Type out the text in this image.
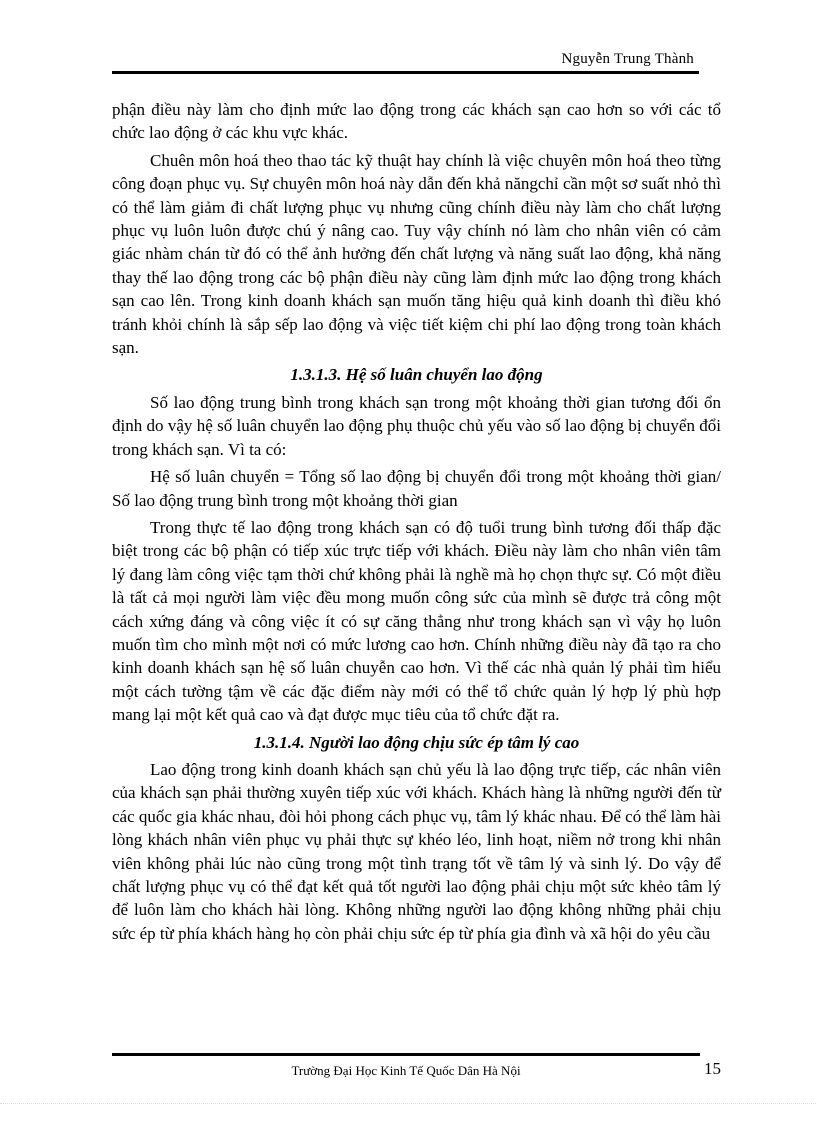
Nguyễn Trung Thành

phận điều này làm cho định mức lao động trong các khách sạn cao hơn so với các tổ chức lao động ở các khu vực khác.

Chuên môn hoá theo thao tác kỹ thuật hay chính là việc chuyên môn hoá theo từng công đoạn phục vụ. Sự chuyên môn hoá này dẫn đến khả năngchỉ cần một sơ suất nhỏ thì có thể làm giảm đi chất lượng phục vụ nhưng cũng chính điều này làm cho chất lượng phục vụ luôn luôn được chú ý nâng cao. Tuy vậy chính nó làm cho nhân viên có cảm giác nhàm chán từ đó có thể ảnh hưởng đến chất lượng và năng suất lao động, khả năng thay thế lao động trong các bộ phận điều này cũng làm định mức lao động trong khách sạn cao lên. Trong kinh doanh khách sạn muốn tăng hiệu quả kinh doanh thì điều khó tránh khỏi chính là sắp sếp lao động và việc tiết kiệm chi phí lao động trong toàn khách sạn.

1.3.1.3. Hệ số luân chuyển lao động

Số lao động trung bình trong khách sạn trong một khoảng thời gian tương đối ổn định do vậy hệ số luân chuyển lao động phụ thuộc chủ yếu vào số lao động bị chuyển đổi trong khách sạn. Vì ta có:

Hệ số luân chuyển = Tổng số lao động bị chuyển đổi trong một khoảng thời gian/ Số lao động trung bình trong một khoảng thời gian

Trong thực tế lao động trong khách sạn có độ tuổi trung bình tương đối thấp đặc biệt trong các bộ phận có tiếp xúc trực tiếp với khách. Điều này làm cho nhân viên tâm lý đang làm công việc tạm thời chứ không phải là nghề mà họ chọn thực sự. Có một điều là tất cả mọi người làm việc đều mong muốn công sức của mình sẽ được trả công một cách xứng đáng và công việc ít có sự căng thẳng như trong khách sạn vì vậy họ luôn muốn tìm cho mình một nơi có mức lương cao hơn. Chính những điều này đã tạo ra cho kinh doanh khách sạn hệ số luân chuyễn cao hơn. Vì thế các nhà quản lý phải tìm hiểu một cách tường tậm về các đặc điểm này mới có thể tổ chức quản lý hợp lý phù hợp mang lại một kết quả cao và đạt được mục tiêu của tổ chức đặt ra.

1.3.1.4. Người lao động chịu sức ép tâm lý cao

Lao động trong kinh doanh khách sạn chủ yếu là lao động trực tiếp, các nhân viên của khách sạn phải thường xuyên tiếp xúc với khách. Khách hàng là những người đến từ các quốc gia khác nhau, đòi hỏi phong cách phục vụ, tâm lý khác nhau. Để có thể làm hài lòng khách nhân viên phục vụ phải thực sự khéo léo, linh hoạt, niềm nở trong khi nhân viên không phải lúc nào cũng trong một tình trạng tốt về tâm lý và sinh lý. Do vậy để chất lượng phục vụ có thể đạt kết quả tốt người lao động phải chịu một sức khẻo tâm lý để luôn làm cho khách hài lòng. Không những người lao động không những phải chịu sức ép từ phía khách hàng họ còn phải chịu sức ép từ phía gia đình và xã hội do yêu cầu

Trường Đại Học Kinh Tế Quốc Dân Hà Nội	15
